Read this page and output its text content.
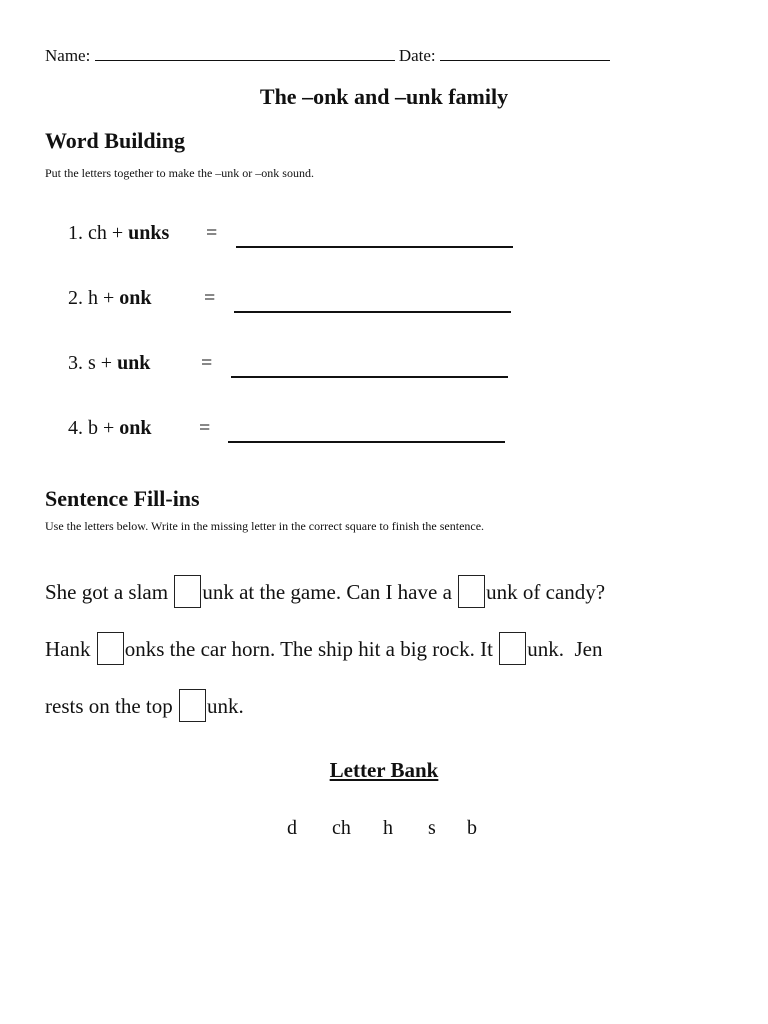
Name:	Date:
The –onk and –unk family
Word Building
Put the letters together to make the –unk or –onk sound.
1. ch + unks =
2. h + onk	=
3. s + unk	=
4. b + onk =
Sentence Fill-ins
Use the letters below. Write in the missing letter in the correct square to finish the sentence.
She got a slam unk at the game. Can I have a unk of candy?
Hank onks the car horn. The ship hit a big rock. It unk.  Jen
rests on the top unk.
Letter Bank
d ch h s b
